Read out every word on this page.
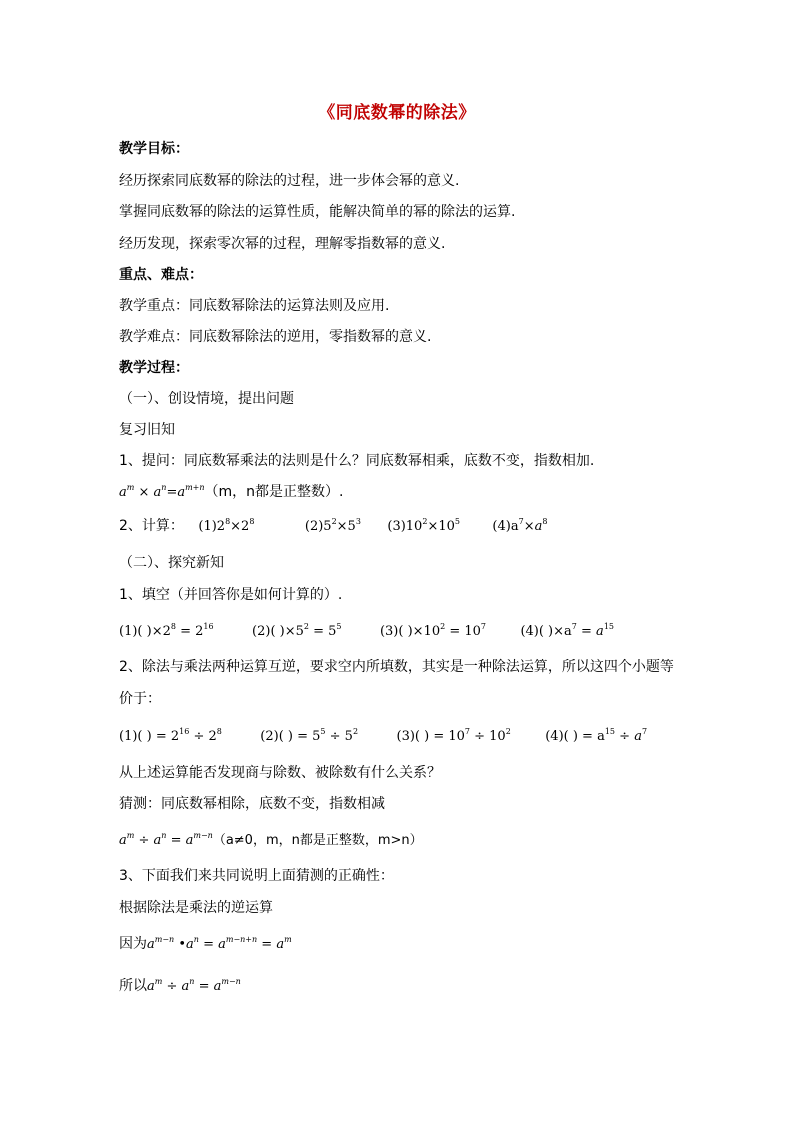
《同底数幂的除法》
教学目标：
经历探索同底数幂的除法的过程，进一步体会幂的意义.
掌握同底数幂的除法的运算性质，能解决简单的幂的除法的运算.
经历发现，探索零次幂的过程，理解零指数幂的意义.
重点、难点：
教学重点：同底数幂除法的运算法则及应用.
教学难点：同底数幂除法的逆用，零指数幂的意义.
教学过程：
（一）、创设情境，提出问题
复习旧知
1、提问：同底数幂乘法的法则是什么？同底数幂相乘，底数不变，指数相加.
$a^m \times a^n=a^{m+n}(m$，n都是正整数）.
2、计算： $(1)2^8\times 2^8$	$(2)5^2\times 5^3$ $(3)10^2\times 10^5$ $(4)a^7\times a^8$
（二）、探究新知
1、填空（并回答你是如何计算的）.
(1)( )$\times 2^8 = 2^{16}$	(2)( )$\times 5^2 = 5^5$	(3)( )$\times 10^2 = 10^7$	(4)( )$\times a^7 = a^{15}$
2、除法与乘法两种运算互逆，要求空内所填数，其实是一种除法运算，所以这四个小题等
价于：
(1)( ) = $2^{16} \div 2^8$	(2)( ) = $5^5 \div 5^2$	(3)( ) = $10^7 \div 10^2$	(4)( ) = $a^{15} \div a^7$
从上述运算能否发现商与除数、被除数有什么关系？
猜测：同底数幂相除，底数不变，指数相减
$a^m \div a^n = a^{m-n}(a\ne 0$，m，n都是正整数，m>n）
3、下面我们来共同说明上面猜测的正确性：
根据除法是乘法的逆运算
因为$a^{m-n}$ $•a^n = a^{m-n+n} = a^m$
所以$a^m \div a^n = a^{m-n}$
